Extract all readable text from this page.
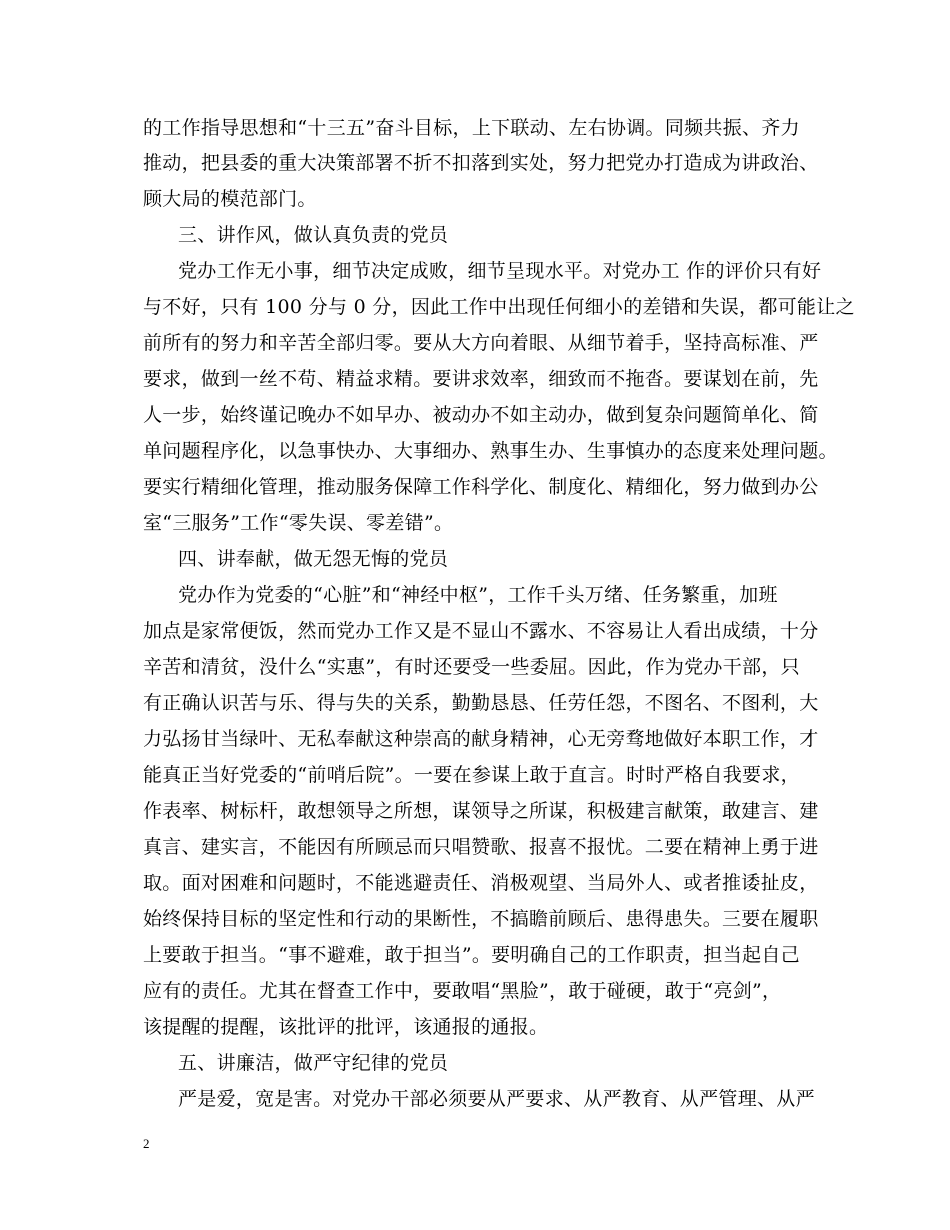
的工作指导思想和“十三五”奋斗目标，上下联动、左右协调。同频共振、齐力
推动，把县委的重大决策部署不折不扣落到实处，努力把党办打造成为讲政治、
顾大局的模范部门。
三、讲作风，做认真负责的党员
党办工作无小事，细节决定成败，细节呈现水平。对党办工 作的评价只有好
与不好，只有 100 分与 0 分，因此工作中出现任何细小的差错和失误，都可能让之
前所有的努力和辛苦全部归零。要从大方向着眼、从细节着手，坚持高标准、严
要求，做到一丝不苟、精益求精。要讲求效率，细致而不拖沓。要谋划在前，先
人一步，始终谨记晚办不如早办、被动办不如主动办，做到复杂问题简单化、简
单问题程序化，以急事快办、大事细办、熟事生办、生事慎办的态度来处理问题。
要实行精细化管理，推动服务保障工作科学化、制度化、精细化，努力做到办公
室“三服务”工作“零失误、零差错”。
四、讲奉献，做无怨无悔的党员
党办作为党委的“心脏”和“神经中枢”，工作千头万绪、任务繁重，加班
加点是家常便饭，然而党办工作又是不显山不露水、不容易让人看出成绩，十分
辛苦和清贫，没什么“实惠”，有时还要受一些委屈。因此，作为党办干部，只
有正确认识苦与乐、得与失的关系，勤勤恳恳、任劳任怨，不图名、不图利，大
力弘扬甘当绿叶、无私奉献这种崇高的献身精神，心无旁骛地做好本职工作，才
能真正当好党委的“前哨后院”。一要在参谋上敢于直言。时时严格自我要求，
作表率、树标杆，敢想领导之所想，谋领导之所谋，积极建言献策，敢建言、建
真言、建实言，不能因有所顾忌而只唱赞歌、报喜不报忧。二要在精神上勇于进
取。面对困难和问题时，不能逃避责任、消极观望、当局外人、或者推诿扯皮，
始终保持目标的坚定性和行动的果断性，不搞瞻前顾后、患得患失。三要在履职
上要敢于担当。“事不避难，敢于担当”。要明确自己的工作职责，担当起自己
应有的责任。尤其在督查工作中，要敢唱“黑脸”，敢于碰硬，敢于“亮剑”，
该提醒的提醒，该批评的批评，该通报的通报。
五、讲廉洁，做严守纪律的党员
严是爱，宽是害。对党办干部必须要从严要求、从严教育、从严管理、从严
2
